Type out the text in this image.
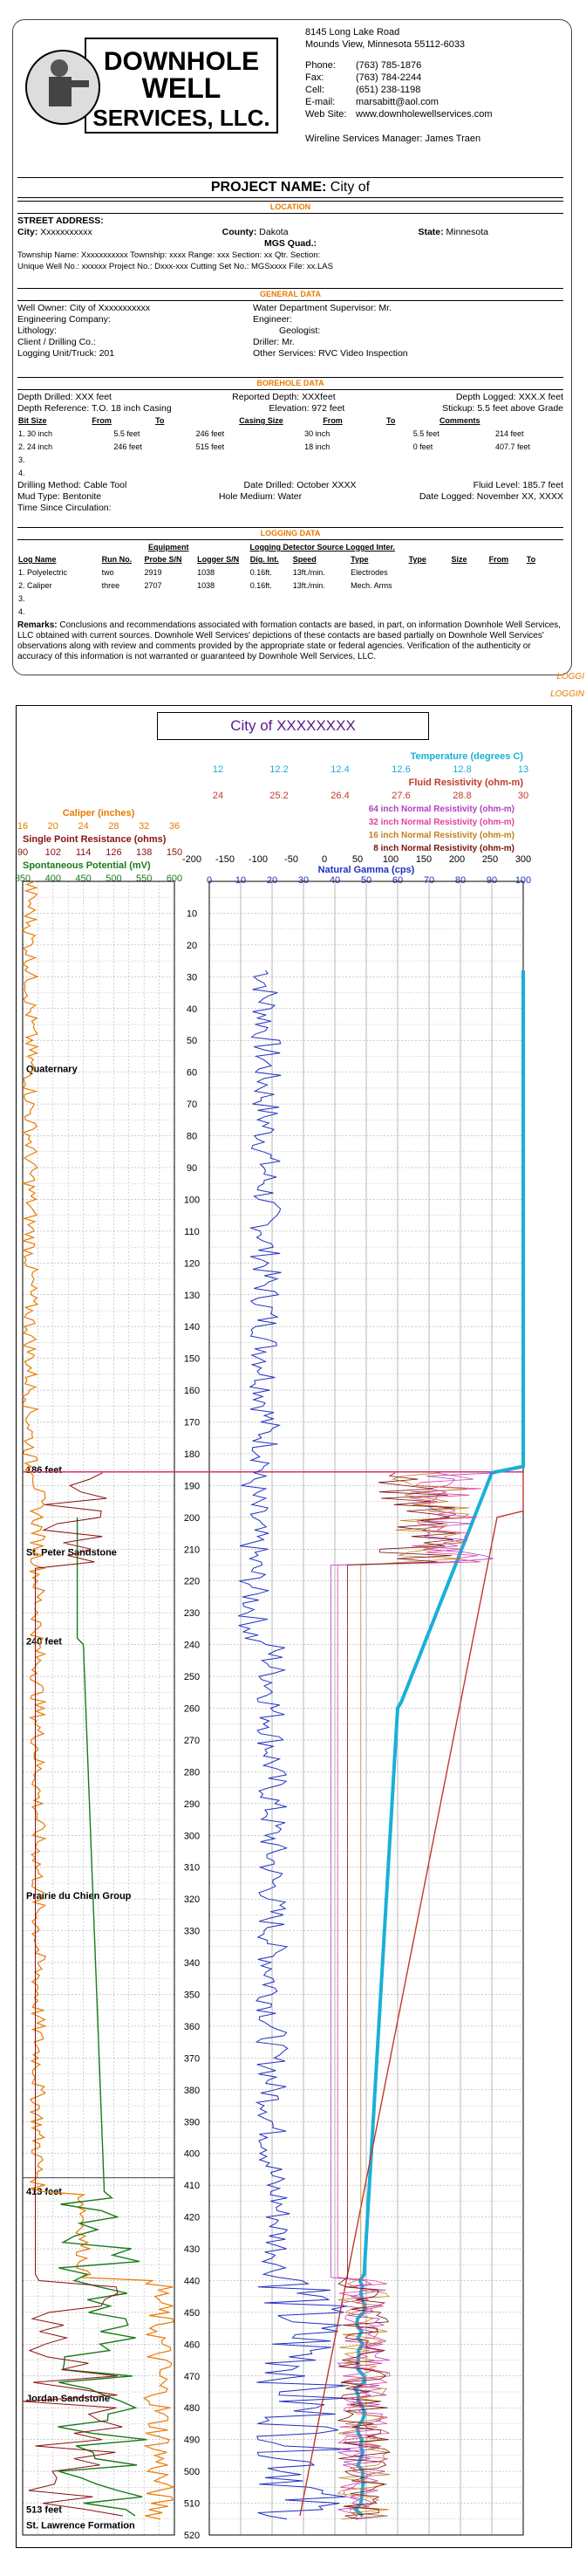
DOWNHOLE
WELL
SERVICES, LLC.
8145 Long Lake Road
Mounds View, Minnesota 55112-6033
Phone:	(763) 785-1876
Fax:	(763) 784-2244
Cell:	(651) 238-1198
E-mail:	marsabitt@aol.com
Web Site: www.downholewellservices.com
Wireline Services Manager: James Traen
PROJECT NAME: City of
LOCATION
STREET ADDRESS:
City: Xxxxxxxxxxx	County: Dakota	State: Minnesota
MGS Quad.:
Township Name: Xxxxxxxxxxx Township: xxxx Range: xxx Section: xx Qtr. Section:
Unique Well No.: xxxxxx Project No.: Dxxx-xxx Cutting Set No.: MGSxxxx File: xx.LAS
GENERAL DATA
Well Owner: City of Xxxxxxxxxxx	Water Department Supervisor: Mr.
Engineering Company:	Engineer:
Lithology:	Geologist:
Client / Drilling Co.:	Driller: Mr.
Logging Unit/Truck: 201	Other Services: RVC Video Inspection
BOREHOLE DATA
Depth Drilled: XXX feet	Reported Depth: XXXfeet	Depth Logged: XXX.X feet
Depth Reference: T.O. 18 inch Casing	Elevation: 972 feet	Stickup: 5.5 feet above Grade
Bit Size	From	To	Casing Size	From	To	Comments
1. 30 inch	5.5 feet	246 feet	30 inch	5.5 feet	214 feet
2. 24 inch	246 feet	515 feet	18 inch	0 feet	407.7 feet
3.					
4.					
Drilling Method: Cable Tool	Date Drilled: October XXXX	Fluid Level: 185.7 feet
Mud Type: Bentonite	Hole Medium: Water	Date Logged: November XX, XXXX
Time Since Circulation:
LOGGING DATA
Equipment	Logging Detector Source Logged Inter.
Log Name	Run No.	Probe S/N	Logger S/N	Dig. Int.	Speed	Type	Type	Size	From	To
1. Polyelectric	two	2919	1038	0.16ft.	13ft./min.	Electrodes				
2. Caliper	three	2707	1038	0.16ft.	13ft./min.	Mech. Arms				
3.										
4.										
Remarks: Conclusions and recommendations associated with formation contacts are based, in part, on information Downhole Well Services, LLC obtained with current sources. Downhole Well Services' depictions of these contacts are based partially on Downhole Well Services' observations along with review and comments provided by the appropriate state or federal agencies. Verification of the authenticity or accuracy of this information is not warranted or guaranteed by Downhole Well Services, LLC.
LOGGI
LOGGIN
City of XXXXXXXX
Temperature (degrees C)
12	12.2	12.4	12.6	12.8	13
Fluid Resistivity (ohm-m)
24	25.2	26.4	27.6	28.8	30
64 inch Normal Resistivity (ohm-m)
32 inch Normal Resistivity (ohm-m)
16 inch Normal Resistivity (ohm-m)
8 inch Normal Resistivity (ohm-m)
-200 -150 -100 -50 0	50 100 150 200 250 300
Natural Gamma (cps)
0 10 20 30 40 50 60 70 80 90 100
Caliper (inches)
16 20 24 28 32 36
Single Point Resistance (ohms)
90 102 114 126 138 150
Spontaneous Potential (mV)
350 400 450 500 550 600
10
20
30
40
50
60
70
80
90
100
110
120
130
140
150
160
170
180
190
200
210
220
230
240
250
260
270
280
290
300
310
320
330
340
350
360
370
380
390
400
410
420
430
440
450
460
470
480
490
500
510
520
Quaternary
186 feet
St. Peter Sandstone
240 feet
Prairie du Chien Group
413 feet
Jordan Sandstone
513 feet
St. Lawrence Formation
